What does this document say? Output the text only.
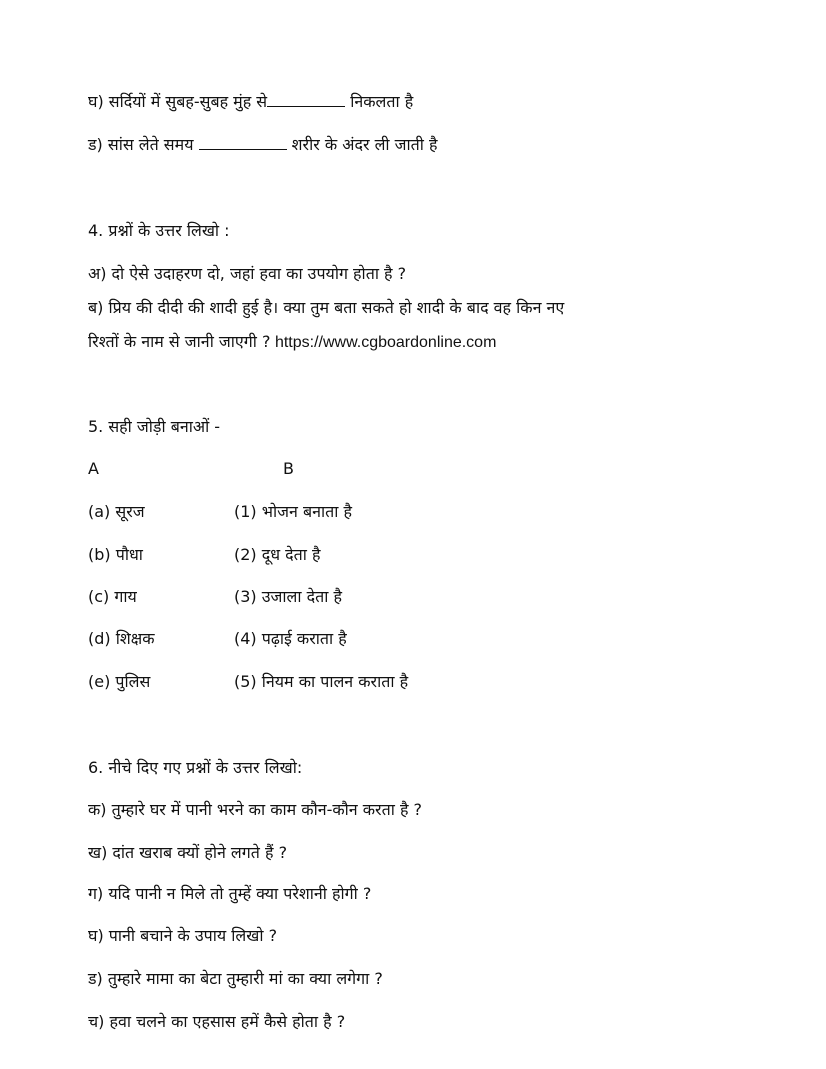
घ) सर्दियों में सुबह-सुबह मुंह से	निकलता है
ड) सांस लेते समय	शरीर के अंदर ली जाती है
4. प्रश्नों के उत्तर लिखो :
अ) दो ऐसे उदाहरण दो, जहां हवा का उपयोग होता है ?
ब) प्रिय की दीदी की शादी हुई है। क्या तुम बता सकते हो शादी के बाद वह किन नए
रिश्तों के नाम से जानी जाएगी ? https://www.cgboardonline.com
5. सही जोड़ी बनाओं -
A	B
(a) सूरज	(1) भोजन बनाता है
(b) पौधा	(2) दूध देता है
(c) गाय	(3) उजाला देता है
(d) शिक्षक	(4) पढ़ाई कराता है
(e) पुलिस	(5) नियम का पालन कराता है
6. नीचे दिए गए प्रश्नों के उत्तर लिखो:
क) तुम्हारे घर में पानी भरने का काम कौन-कौन करता है ?
ख) दांत खराब क्यों होने लगते हैं ?
ग) यदि पानी न मिले तो तुम्हें क्या परेशानी होगी ?
घ) पानी बचाने के उपाय लिखो ?
ड) तुम्हारे मामा का बेटा तुम्हारी मां का क्या लगेगा ?
च) हवा चलने का एहसास हमें कैसे होता है ?
